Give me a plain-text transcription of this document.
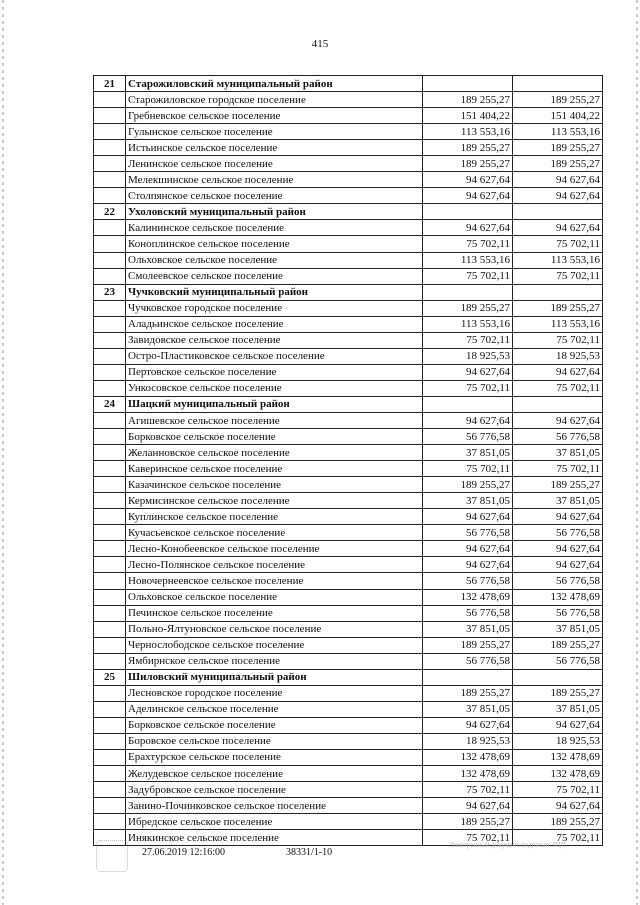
415
21	Старожиловский муниципальный район		
	Старожиловское городское поселение	189 255,27	189 255,27
	Гребневское сельское поселение	151 404,22	151 404,22
	Гулынское сельское поселение	113 553,16	113 553,16
	Истьинское сельское поселение	189 255,27	189 255,27
	Ленинское сельское поселение	189 255,27	189 255,27
	Мелекшинское сельское поселение	94 627,64	94 627,64
	Столпянское сельское поселение	94 627,64	94 627,64
22	Ухоловский муниципальный район		
	Калининское сельское поселение	94 627,64	94 627,64
	Коноплинское сельское поселение	75 702,11	75 702,11
	Ольховское сельское поселение	113 553,16	113 553,16
	Смолеевское сельское поселение	75 702,11	75 702,11
23	Чучковский муниципальный район		
	Чучковское городское поселение	189 255,27	189 255,27
	Аладьинское сельское поселение	113 553,16	113 553,16
	Завидовское сельское поселение	75 702,11	75 702,11
	Остро-Пластиковское сельское поселение	18 925,53	18 925,53
	Пертовское сельское поселение	94 627,64	94 627,64
	Ункосовское сельское поселение	75 702,11	75 702,11
24	Шацкий муниципальный район		
	Агишевское сельское поселение	94 627,64	94 627,64
	Борковское сельское поселение	56 776,58	56 776,58
	Желанновское сельское поселение	37 851,05	37 851,05
	Каверинское сельское поселение	75 702,11	75 702,11
	Казачинское сельское поселение	189 255,27	189 255,27
	Кермисинское сельское поселение	37 851,05	37 851,05
	Куплинское сельское поселение	94 627,64	94 627,64
	Кучасьевское сельское поселение	56 776,58	56 776,58
	Лесно-Конобеевское сельское поселение	94 627,64	94 627,64
	Лесно-Полянское сельское поселение	94 627,64	94 627,64
	Новочернеевское сельское поселение	56 776,58	56 776,58
	Ольховское сельское поселение	132 478,69	132 478,69
	Печинское сельское поселение	56 776,58	56 776,58
	Польно-Ялтуновское сельское поселение	37 851,05	37 851,05
	Чернослободское сельское поселение	189 255,27	189 255,27
	Ямбирнское сельское поселение	56 776,58	56 776,58
25	Шиловский муниципальный район		
	Лесновское городское поселение	189 255,27	189 255,27
	Аделинское сельское поселение	37 851,05	37 851,05
	Борковское сельское поселение	94 627,64	94 627,64
	Боровское сельское поселение	18 925,53	18 925,53
	Ерахтурское сельское поселение	132 478,69	132 478,69
	Желудевское сельское поселение	132 478,69	132 478,69
	Задубровское сельское поселение	75 702,11	75 702,11
	Занино-Починковское сельское поселение	94 627,64	94 627,64
	Ибредское сельское поселение	189 255,27	189 255,27
	Инякинское сельское поселение	75 702,11	75 702,11
27.06.2019 12:16:00	38331/1-10
Электронный документ подписан ЭЦП
